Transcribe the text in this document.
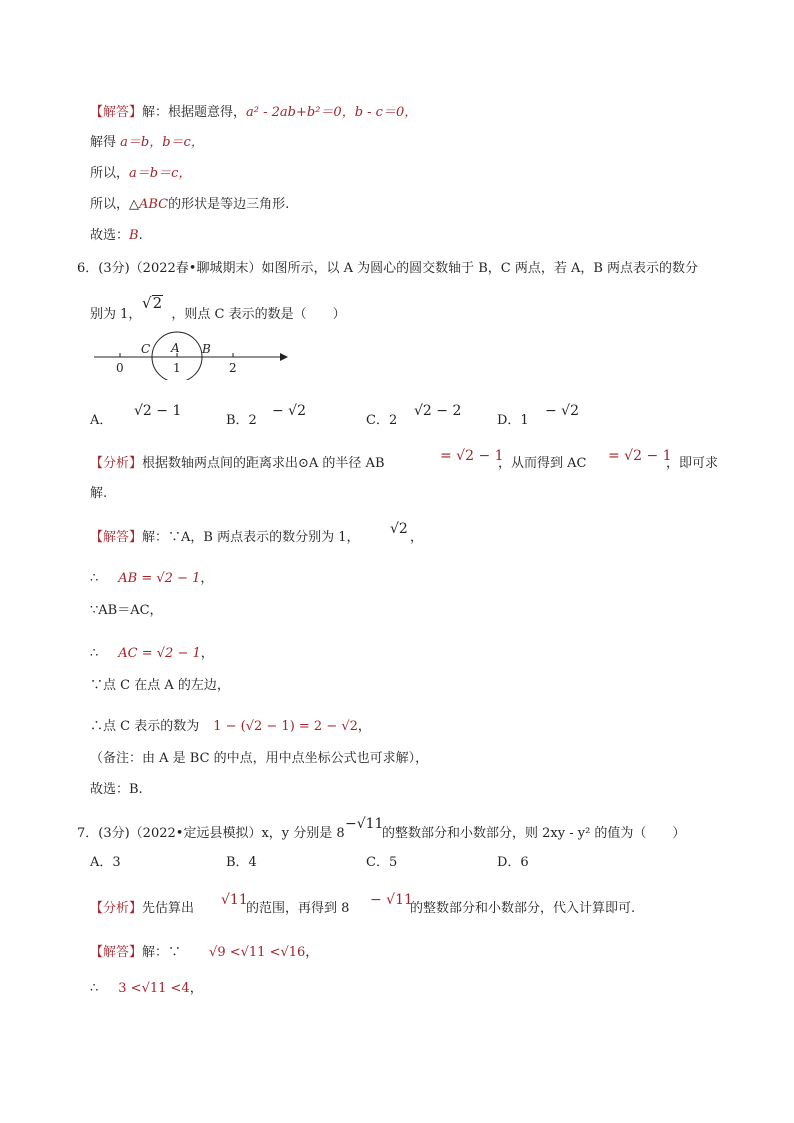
【解答】解：根据题意得，a² - 2ab+b²＝0，b - c＝0，
解得 a＝b，b＝c，
所以，a＝b＝c，
所以，△ABC的形状是等边三角形.
故选：B.
6．(3分)（2022春•聊城期末）如图所示，以 A 为圆心的圆交数轴于 B，C 两点，若 A，B 两点表示的数分
别为 1， ，则点 C 表示的数是（　　）
√2
C A B
0	1	2
A．
√2 − 1
B．2
− √2
C．2
√2 − 2
D．1
− √2
【分析】根据数轴两点间的距离求出⊙A 的半径 AB	= √2 − 1
，从而得到 AC = √2 − 1
，即可求
解.
【解答】解：∵A，B 两点表示的数分别为 1，
√2
，
∴ AB = √2 − 1，
∵AB＝AC，
∴ AC = √2 − 1，
∵点 C 在点 A 的左边，
∴点 C 表示的数为 1 − (√2 − 1) = 2 − √2，
（备注：由 A 是 BC 的中点，用中点坐标公式也可求解），
故选：B.
7．(3分)（2022•定远县模拟）x，y 分别是 8
−√11
的整数部分和小数部分，则 2xy - y² 的值为（　　）
A．3	B．4	C．5	D．6
【分析】先估算出
√11
的范围，再得到 8
− √11
的整数部分和小数部分，代入计算即可.
【解答】解：∵ √9 <√11 <√16，
∴ 3 <√11 <4，
